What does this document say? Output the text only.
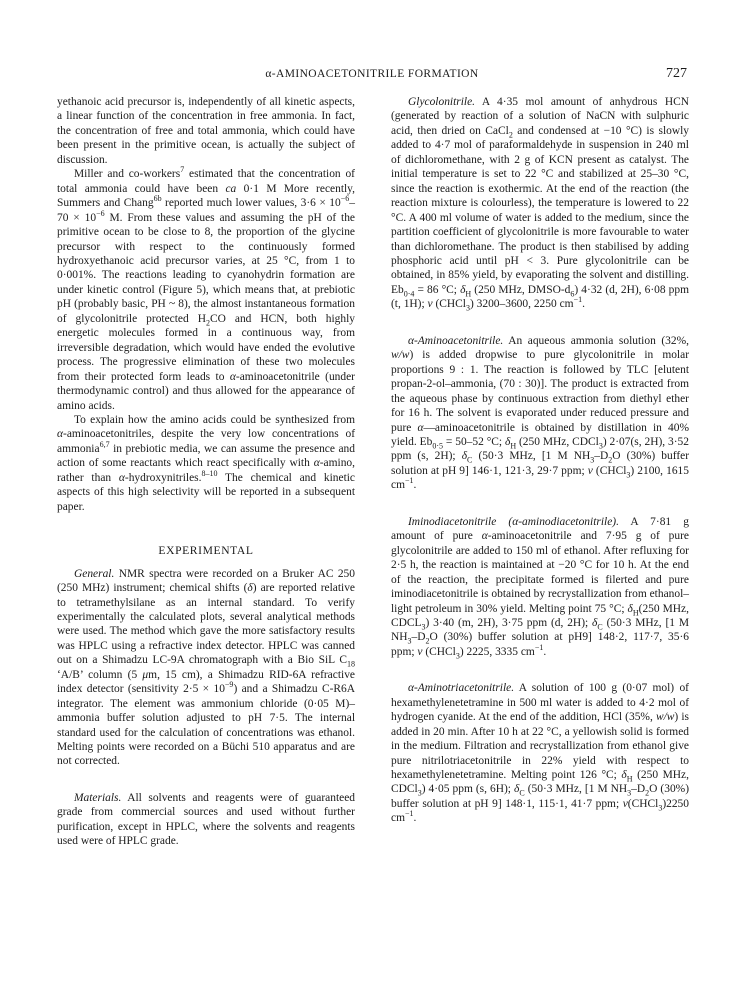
α-AMINOACETONITRILE FORMATION	727

yethanoic acid precursor is, independently of all kinetic aspects, a linear function of the concentration in free ammonia. In fact, the concentration of free and total ammonia, which could have been present in the primitive ocean, is actually the subject of discussion.

Miller and co-workers$^7$ estimated that the concentration of total ammonia could have been ca 0·1 M More recently, Summers and Chang$^{6b}$ reported much lower values, $3\cdot 6 \times 10^{-6}-70 \times 10^{-6}$ M. From these values and assuming the pH of the primitive ocean to be close to 8, the proportion of the glycine precursor with respect to the continuously formed hydroxyethanoic acid precursor varies, at 25 °C, from 1 to 0·001%. The reactions leading to cyanohydrin formation are under kinetic control (Figure 5), which means that, at prebiotic pH (probably basic, PH ~ 8), the almost instantaneous formation of glycolonitrile protected $H_2CO$ and HCN, both highly energetic molecules formed in a continuous way, from irreversible degradation, which would have ended the evolutive process. The progressive elimination of these two molecules from their protected form leads to α-aminoacetonitrile (under thermodynamic control) and thus allowed for the appearance of amino acids.

To explain how the amino acids could be synthesized from α-aminoacetonitriles, despite the very low concentrations of ammonia$^{6,7}$ in prebiotic media, we can assume the presence and action of some reactants which react specifically with α-amino, rather than α-hydroxynitriles.$^{8-10}$ The chemical and kinetic aspects of this high selectivity will be reported in a subsequent paper.

EXPERIMENTAL

General. NMR spectra were recorded on a Bruker AC 250 (250 MHz) instrument; chemical shifts (δ) are reported relative to tetramethylsilane as an internal standard. To verify experimentally the calculated plots, several analytical methods were used. The method which gave the more satisfactory results was HPLC using a refractive index detector. HPLC was canned out on a Shimadzu LC-9A chromatograph with a Bio SiL $C_{18}$ ‘A/B’ column (5 μm, 15 cm), a Shimadzu RID-6A refractive index detector (sensitivity $2\cdot 5 \times 10^{-9}$) and a Shimadzu C-R6A integrator. The element was ammonium chloride (0·05 M)–ammonia buffer solution adjusted to pH 7·5. The internal standard used for the calculation of concentrations was ethanol. Melting points were recorded on a Büchi 510 apparatus and are not corrected.

Materials. All solvents and reagents were of guaranteed grade from commercial sources and used without further purification, except in HPLC, where the solvents and reagents used were of HPLC grade.

Glycolonitrile. A 4·35 mol amount of anhydrous HCN (generated by reaction of a solution of NaCN with sulphuric acid, then dried on CaCl$_2$ and condensed at −10 °C) is slowly added to 4·7 mol of paraformaldehyde in suspension in 240 ml of dichloromethane, with 2 g of KCN present as catalyst. The initial temperature is set to 22 °C and stabilized at 25–30 °C, since the reaction is exothermic. At the end of the reaction (the reaction mixture is colourless), the temperature is lowered to 22 °C. A 400 ml volume of water is added to the medium, since the partition coefficient of glycolonitrile is more favourable to water than dichloromethane. The product is then stabilised by adding phosphoric acid until pH < 3. Pure glycolonitrile can be obtained, in 85% yield, by evaporating the solvent and distilling. $Eb_{0\cdot 4} = 86$ °C; $\delta_H$ (250 MHz, DMSO-$d_6$) 4·32 (d, 2H), 6·08 ppm (t, 1H); ν (CHCl$_3$) 3200–3600, 2250 $cm^{-1}$.

α-Aminoacetonitrile. An aqueous ammonia solution (32%, w/w) is added dropwise to pure glycolonitrile in molar proportions 9 : 1. The reaction is followed by TLC [elutent propan-2-ol–ammonia, (70 : 30)]. The product is extracted from the aqueous phase by continuous extraction from diethyl ether for 16 h. The solvent is evaporated under reduced pressure and pure α—aminoacetonitrile is obtained by distillation in 40% yield. $Eb_{0\cdot 5} = 50-52$ °C; $\delta_H$ (250 MHz, CDCl$_3$) 2·07(s, 2H), 3·52 ppm (s, 2H); $\delta_C$ (50·3 MHz, [1 M $NH_3-D_2O$ (30%) buffer solution at pH 9] 146·1, 121·3, 29·7 ppm; ν (CHCl$_3$) 2100, 1615 $cm^{-1}$.

Iminodiacetonitrile (α-aminodiacetonitrile). A 7·81 g amount of pure α-aminoacetonitrile and 7·95 g of pure glycolonitrile are added to 150 ml of ethanol. After refluxing for 2·5 h, the reaction is maintained at −20 °C for 10 h. At the end of the reaction, the precipitate formed is filerted and pure iminodiacetonitrile is obtained by recrystallization from ethanol–light petroleum in 30% yield. Melting point 75 °C; $\delta_H(250$ MHz, $CDCL_3$) 3·40 (m, 2H), 3·75 ppm (d, 2H); $\delta_C$ (50·3 MHz, [1 M $NH_3-D_2O$ (30%) buffer solution at pH9] 148·2, 117·7, 35·6 ppm; ν (CHCl$_3$) 2225, 3335 $cm^{-1}$.

α-Aminotriacetonitrile. A solution of 100 g (0·07 mol) of hexamethylenetetramine in 500 ml water is added to 4·2 mol of hydrogen cyanide. At the end of the addition, HCl (35%, w/w) is added in 20 min. After 10 h at 22 °C, a yellowish solid is formed in the medium. Filtration and recrystallization from ethanol give pure nitrilotriacetonitrile in 22% yield with respect to hexamethylenetetramine. Melting point 126 °C; $\delta_H$ (250 MHz, CDCl$_3$) 4·05 ppm (s, 6H); $\delta_C$ (50·3 MHz, [1 M $NH_3-D_2O$ (30%) buffer solution at pH 9] 148·1, 115·1, 41·7 ppm; ν(CHCl$_3$)2250 $cm^{-1}$.
